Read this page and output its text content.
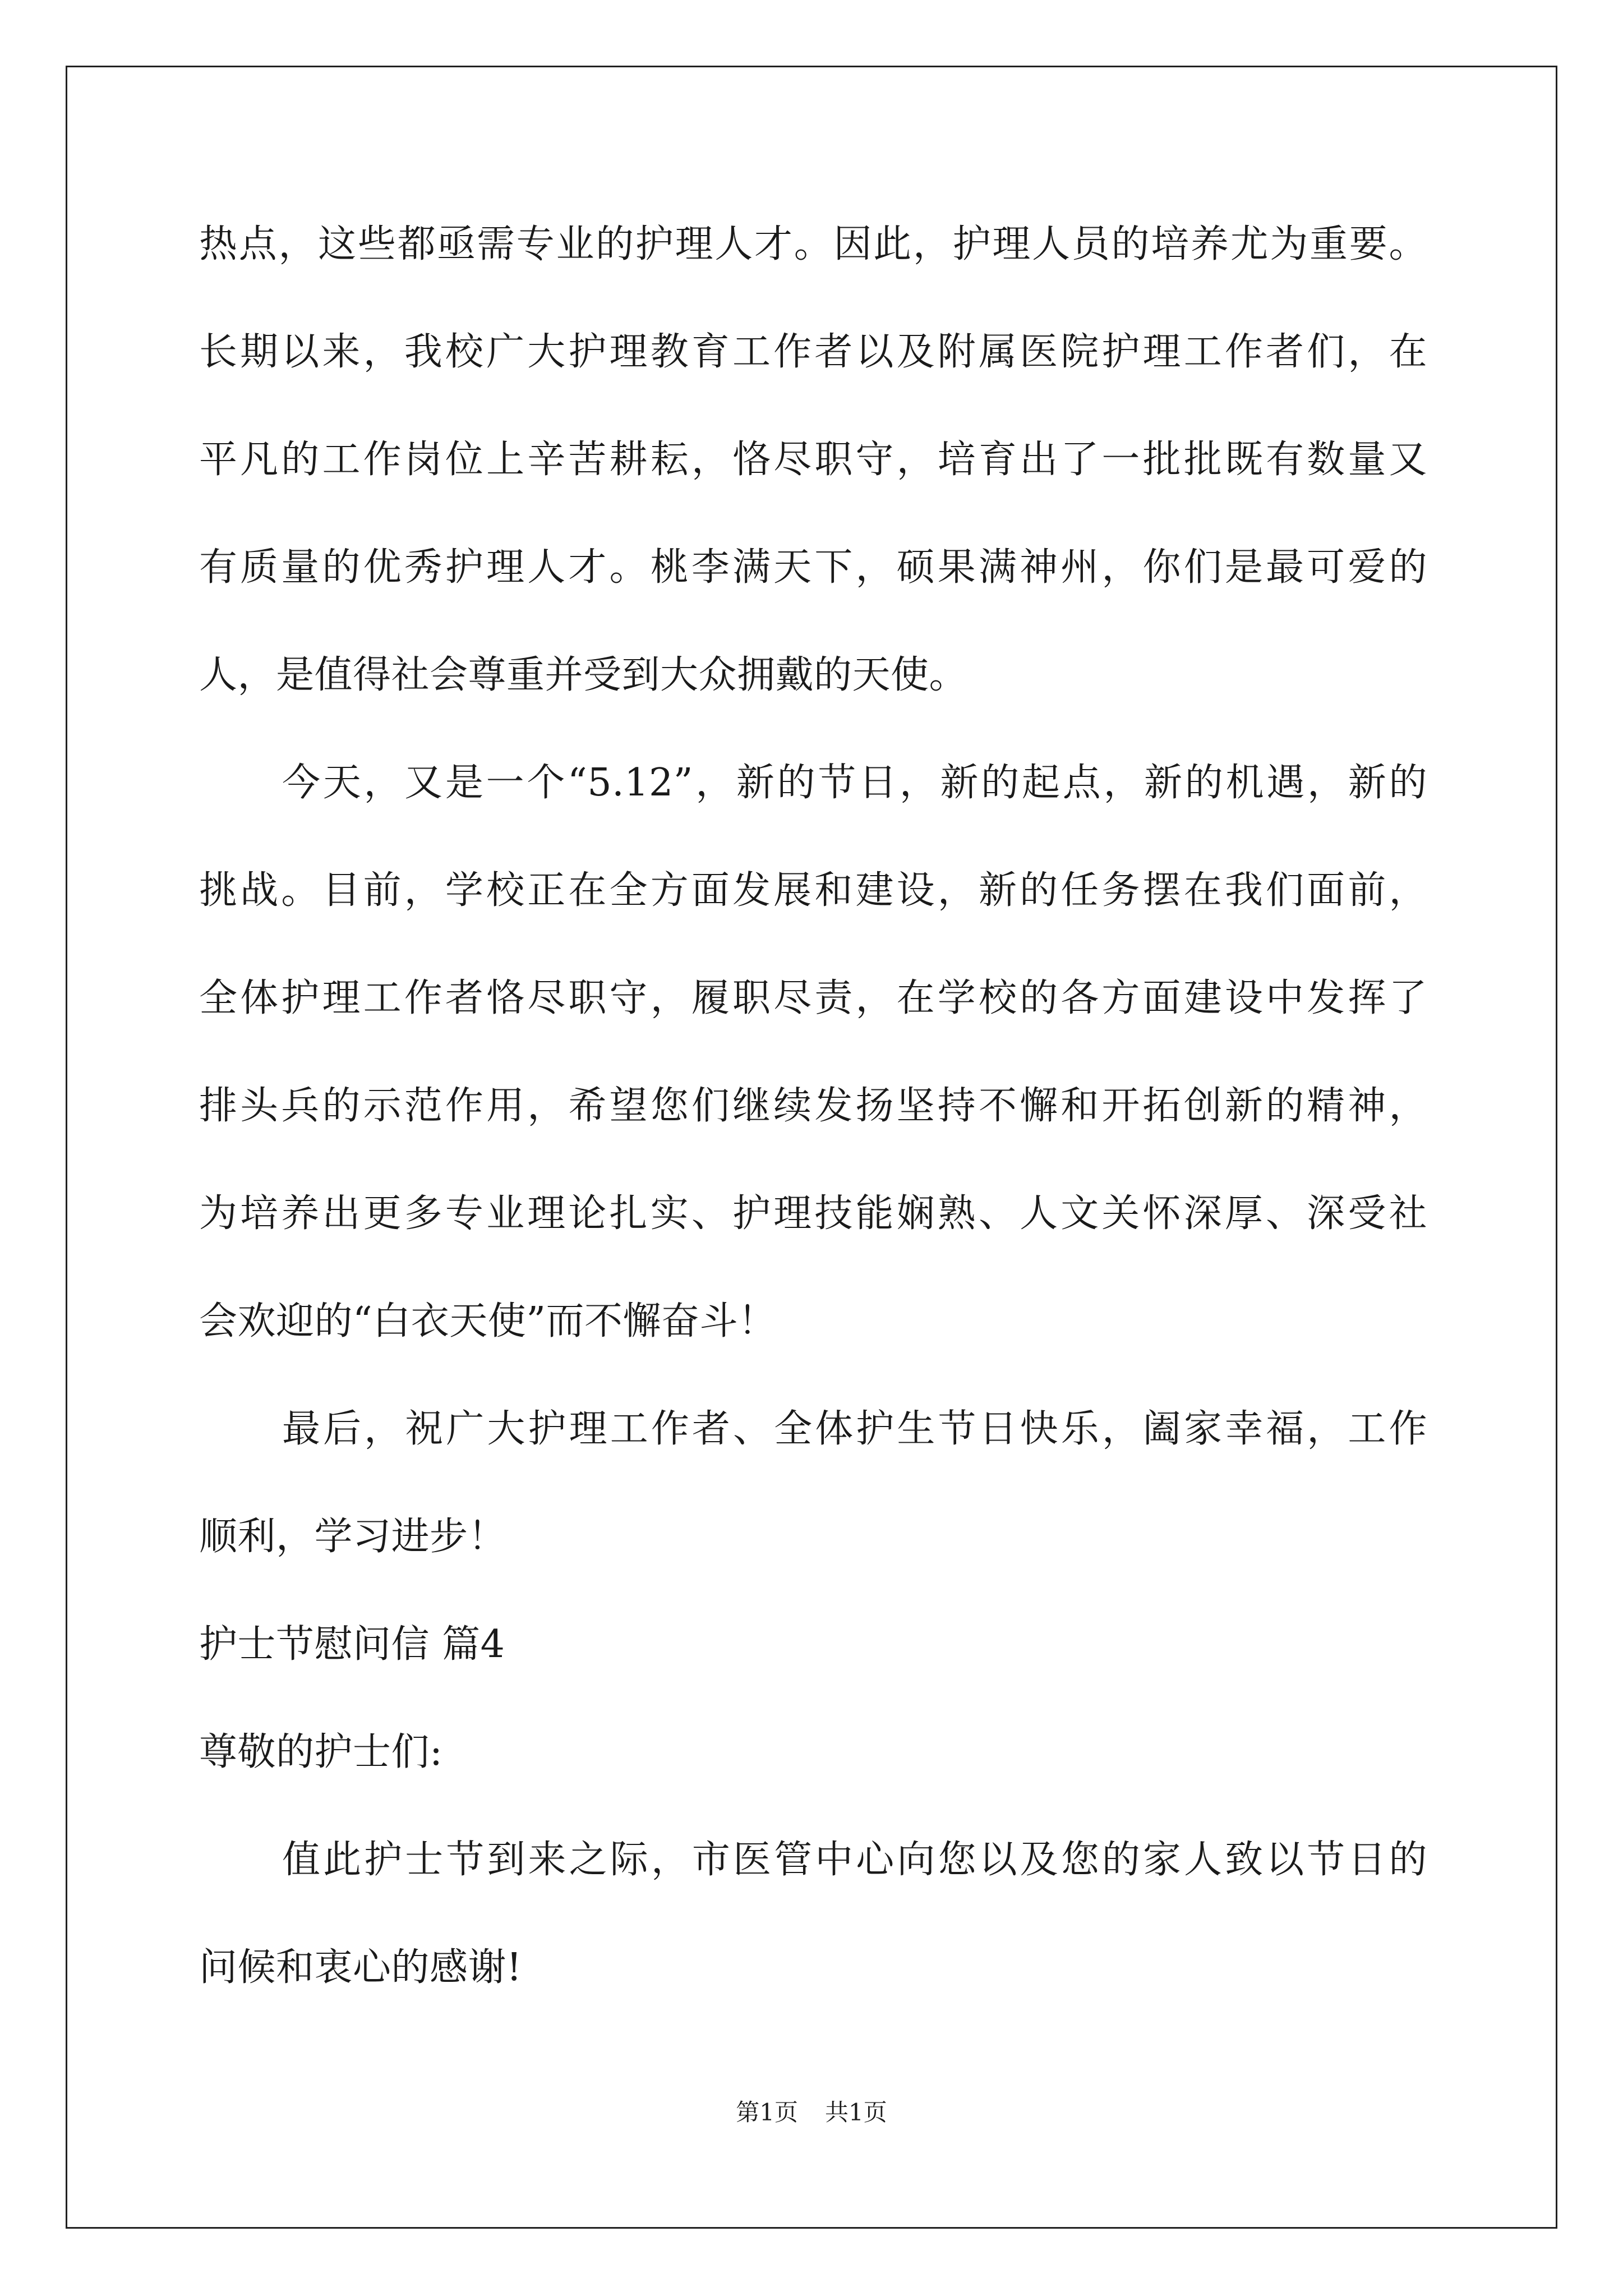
热点，这些都亟需专业的护理人才。因此，护理人员的培养尤为重要。
长期以来，我校广大护理教育工作者以及附属医院护理工作者们，在
平凡的工作岗位上辛苦耕耘，恪尽职守，培育出了一批批既有数量又
有质量的优秀护理人才。桃李满天下，硕果满神州，你们是最可爱的
人，是值得社会尊重并受到大众拥戴的天使。
今天，又是一个“5.12”，新的节日，新的起点，新的机遇，新的
挑战。目前，学校正在全方面发展和建设，新的任务摆在我们面前，
全体护理工作者恪尽职守，履职尽责，在学校的各方面建设中发挥了
排头兵的示范作用，希望您们继续发扬坚持不懈和开拓创新的精神，
为培养出更多专业理论扎实、护理技能娴熟、人文关怀深厚、深受社
会欢迎的“白衣天使”而不懈奋斗！
最后，祝广大护理工作者、全体护生节日快乐，阖家幸福，工作
顺利，学习进步！
护士节慰问信 篇4
尊敬的护士们:
值此护士节到来之际，市医管中心向您以及您的家人致以节日的
问候和衷心的感谢!
第1页 共1页
